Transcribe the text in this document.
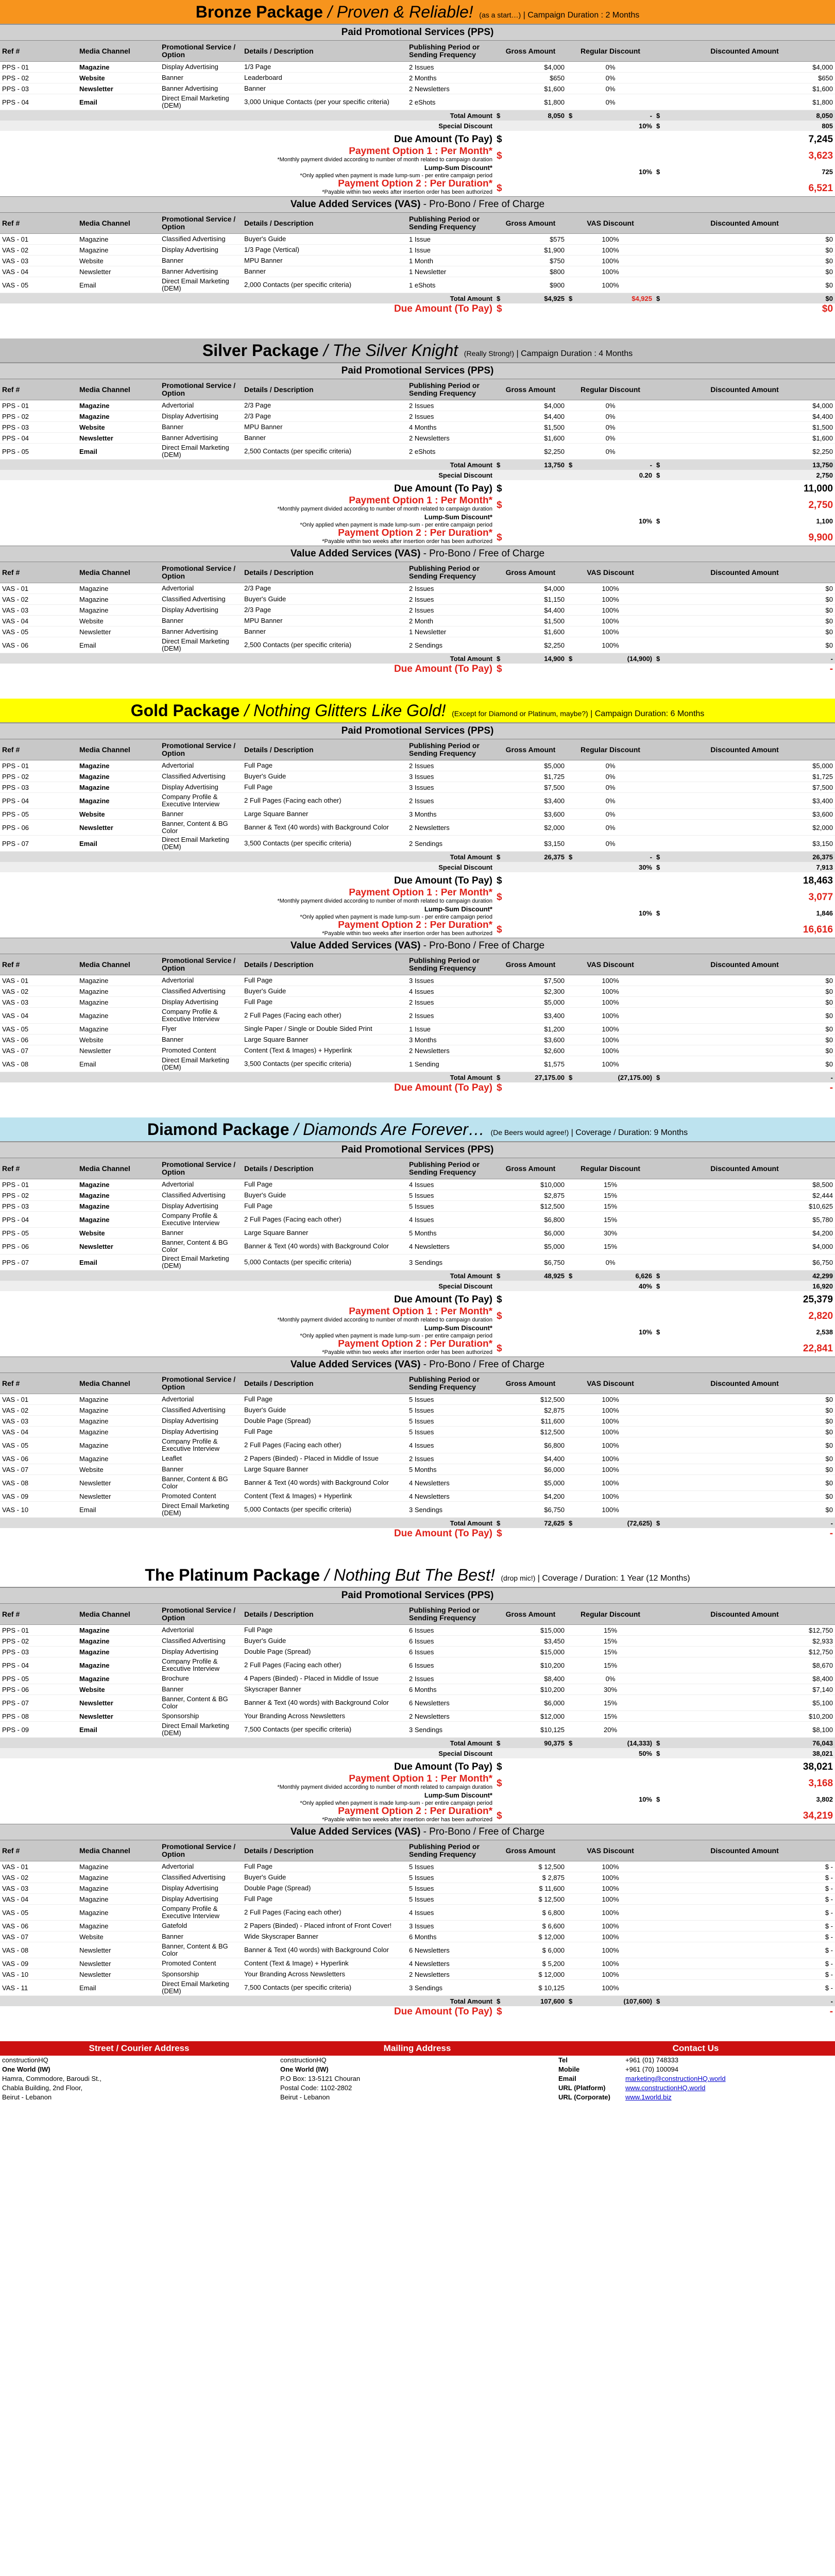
Bronze Package / Proven & Reliable! (as a start…) | Campaign Duration : 2 Months
Paid Promotional Services (PPS)
Ref #	Media Channel	Promotional Service / Option	Details / Description	Publishing Period or Sending Frequency	Gross Amount		Regular Discount		Discounted Amount	
PPS - 01	Magazine	Display Advertising	1/3 Page	2 Issues	$4,000		0%		$4,000	
PPS - 02	Website	Banner	Leaderboard	2 Months	$650		0%		$650	
PPS - 03	Newsletter	Banner Advertising	Banner	2 Newsletters	$1,600		0%		$1,600	
PPS - 04	Email	Direct Email Marketing (DEM)	3,000 Unique Contacts (per your specific criteria)	2 eShots	$1,800		0%		$1,800	
Total Amount					$	8,050	$	-	$	8,050
Special Discount							10%		$	805
Due Amount (To Pay)					$					7,245
Payment Option 1 : Per Month*
*Monthly payment divided according to number of month related to campaign duration					$					3,623
Lump-Sum Discount*
*Only applied when payment is made lump-sum - per entire campaign period							10%		$	725
Payment Option 2 : Per Duration*
*Payable within two weeks after insertion order has been authorized					$					6,521
Value Added Services (VAS) - Pro-Bono / Free of Charge
Ref #	Media Channel	Promotional Service / Option	Details / Description	Publishing Period or Sending Frequency	Gross Amount		VAS Discount		Discounted Amount	
VAS - 01	Magazine	Classified Advertising	Buyer's Guide	1 Issue	$575		100%		$0	
VAS - 02	Magazine	Display Advertising	1/3 Page (Vertical)	1 Issue	$1,900		100%		$0	
VAS - 03	Website	Banner	MPU Banner	1 Month	$750		100%		$0	
VAS - 04	Newsletter	Banner Advertising	Banner	1 Newsletter	$800		100%		$0	
VAS - 05	Email	Direct Email Marketing (DEM)	2,000 Contacts (per specific criteria)	1 eShots	$900		100%		$0	
Total Amount					$	$4,925	$	$4,925	$	$0
Due Amount (To Pay)					$					$0
Silver Package / The Silver Knight (Really Strong!) | Campaign Duration : 4 Months
Paid Promotional Services (PPS)
Ref #	Media Channel	Promotional Service / Option	Details / Description	Publishing Period or Sending Frequency	Gross Amount		Regular Discount		Discounted Amount	
PPS - 01	Magazine	Advertorial	2/3 Page	2 Issues	$4,000		0%		$4,000	
PPS - 02	Magazine	Display Advertising	2/3 Page	2 Issues	$4,400		0%		$4,400	
PPS - 03	Website	Banner	MPU Banner	4 Months	$1,500		0%		$1,500	
PPS - 04	Newsletter	Banner Advertising	Banner	2 Newsletters	$1,600		0%		$1,600	
PPS - 05	Email	Direct Email Marketing (DEM)	2,500 Contacts (per specific criteria)	2 eShots	$2,250		0%		$2,250	
Total Amount					$	13,750	$	-	$	13,750
Special Discount							0.20		$	2,750
Due Amount (To Pay)					$					11,000
Payment Option 1 : Per Month*
*Monthly payment divided according to number of month related to campaign duration					$					2,750
Lump-Sum Discount*
*Only applied when payment is made lump-sum - per entire campaign period							10%		$	1,100
Payment Option 2 : Per Duration*
*Payable within two weeks after insertion order has been authorized					$					9,900
Value Added Services (VAS) - Pro-Bono / Free of Charge
Ref #	Media Channel	Promotional Service / Option	Details / Description	Publishing Period or Sending Frequency	Gross Amount		VAS Discount		Discounted Amount	
VAS - 01	Magazine	Advertorial	2/3 Page	2 Issues	$4,000		100%		$0	
VAS - 02	Magazine	Classified Advertising	Buyer's Guide	2 Issues	$1,150		100%		$0	
VAS - 03	Magazine	Display Advertising	2/3 Page	2 Issues	$4,400		100%		$0	
VAS - 04	Website	Banner	MPU Banner	2 Month	$1,500		100%		$0	
VAS - 05	Newsletter	Banner Advertising	Banner	1 Newsletter	$1,600		100%		$0	
VAS - 06	Email	Direct Email Marketing (DEM)	2,500 Contacts (per specific criteria)	2 Sendings	$2,250		100%		$0	
Total Amount					$	14,900	$	(14,900)	$	-
Due Amount (To Pay)					$					-
Gold Package / Nothing Glitters Like Gold! (Except for Diamond or Platinum, maybe?) | Campaign Duration: 6 Months
Paid Promotional Services (PPS)
Ref #	Media Channel	Promotional Service / Option	Details / Description	Publishing Period or Sending Frequency	Gross Amount		Regular Discount		Discounted Amount	
PPS - 01	Magazine	Advertorial	Full Page	2 Issues	$5,000		0%		$5,000	
PPS - 02	Magazine	Classified Advertising	Buyer's Guide	3 Issues	$1,725		0%		$1,725	
PPS - 03	Magazine	Display Advertising	Full Page	3 Issues	$7,500		0%		$7,500	
PPS - 04	Magazine	Company Profile & Executive Interview	2 Full Pages (Facing each other)	2 Issues	$3,400		0%		$3,400	
PPS - 05	Website	Banner	Large Square Banner	3 Months	$3,600		0%		$3,600	
PPS - 06	Newsletter	Banner, Content & BG Color	Banner & Text (40 words) with Background Color	2 Newsletters	$2,000		0%		$2,000	
PPS - 07	Email	Direct Email Marketing (DEM)	3,500 Contacts (per specific criteria)	2 Sendings	$3,150		0%		$3,150	
Total Amount					$	26,375	$	-	$	26,375
Special Discount							30%		$	7,913
Due Amount (To Pay)					$					18,463
Payment Option 1 : Per Month*
*Monthly payment divided according to number of month related to campaign duration					$					3,077
Lump-Sum Discount*
*Only applied when payment is made lump-sum - per entire campaign period							10%		$	1,846
Payment Option 2 : Per Duration*
*Payable within two weeks after insertion order has been authorized					$					16,616
Value Added Services (VAS) - Pro-Bono / Free of Charge
Ref #	Media Channel	Promotional Service / Option	Details / Description	Publishing Period or Sending Frequency	Gross Amount		VAS Discount		Discounted Amount	
VAS - 01	Magazine	Advertorial	Full Page	3 Issues	$7,500		100%		$0	
VAS - 02	Magazine	Classified Advertising	Buyer's Guide	4 Issues	$2,300		100%		$0	
VAS - 03	Magazine	Display Advertising	Full Page	2 Issues	$5,000		100%		$0	
VAS - 04	Magazine	Company Profile & Executive Interview	2 Full Pages (Facing each other)	2 Issues	$3,400		100%		$0	
VAS - 05	Magazine	Flyer	Single Paper / Single or Double Sided Print	1 Issue	$1,200		100%		$0	
VAS - 06	Website	Banner	Large Square Banner	3 Months	$3,600		100%		$0	
VAS - 07	Newsletter	Promoted Content	Content (Text & Images) + Hyperlink	2 Newsletters	$2,600		100%		$0	
VAS - 08	Email	Direct Email Marketing (DEM)	3,500 Contacts (per specific criteria)	1 Sending	$1,575		100%		$0	
Total Amount					$	27,175.00	$	(27,175.00)	$	-
Due Amount (To Pay)					$					-
Diamond Package / Diamonds Are Forever… (De Beers would agree!) | Coverage / Duration: 9 Months
Paid Promotional Services (PPS)
Ref #	Media Channel	Promotional Service / Option	Details / Description	Publishing Period or Sending Frequency	Gross Amount		Regular Discount		Discounted Amount	
PPS - 01	Magazine	Advertorial	Full Page	4 Issues	$10,000		15%		$8,500	
PPS - 02	Magazine	Classified Advertising	Buyer's Guide	5 Issues	$2,875		15%		$2,444	
PPS - 03	Magazine	Display Advertising	Full Page	5 Issues	$12,500		15%		$10,625	
PPS - 04	Magazine	Company Profile & Executive Interview	2 Full Pages (Facing each other)	4 Issues	$6,800		15%		$5,780	
PPS - 05	Website	Banner	Large Square Banner	5 Months	$6,000		30%		$4,200	
PPS - 06	Newsletter	Banner, Content & BG Color	Banner & Text (40 words) with Background Color	4 Newsletters	$5,000		15%		$4,000	
PPS - 07	Email	Direct Email Marketing (DEM)	5,000 Contacts (per specific criteria)	3 Sendings	$6,750		0%		$6,750	
Total Amount					$	48,925	$	6,626	$	42,299
Special Discount							40%		$	16,920
Due Amount (To Pay)					$					25,379
Payment Option 1 : Per Month*
*Monthly payment divided according to number of month related to campaign duration					$					2,820
Lump-Sum Discount*
*Only applied when payment is made lump-sum - per entire campaign period							10%		$	2,538
Payment Option 2 : Per Duration*
*Payable within two weeks after insertion order has been authorized					$					22,841
Value Added Services (VAS) - Pro-Bono / Free of Charge
Ref #	Media Channel	Promotional Service / Option	Details / Description	Publishing Period or Sending Frequency	Gross Amount		VAS Discount		Discounted Amount	
VAS - 01	Magazine	Advertorial	Full Page	5 Issues	$12,500		100%		$0	
VAS - 02	Magazine	Classified Advertising	Buyer's Guide	5 Issues	$2,875		100%		$0	
VAS - 03	Magazine	Display Advertising	Double Page (Spread)	5 Issues	$11,600		100%		$0	
VAS - 04	Magazine	Display Advertising	Full Page	5 Issues	$12,500		100%		$0	
VAS - 05	Magazine	Company Profile & Executive Interview	2 Full Pages (Facing each other)	4 Issues	$6,800		100%		$0	
VAS - 06	Magazine	Leaflet	2 Papers (Binded) - Placed in Middle of Issue	2 Issues	$4,400		100%		$0	
VAS - 07	Website	Banner	Large Square Banner	5 Months	$6,000		100%		$0	
VAS - 08	Newsletter	Banner, Content & BG Color	Banner & Text (40 words) with Background Color	4 Newsletters	$5,000		100%		$0	
VAS - 09	Newsletter	Promoted Content	Content (Text & Images) + Hyperlink	4 Newsletters	$4,200		100%		$0	
VAS - 10	Email	Direct Email Marketing (DEM)	5,000 Contacts (per specific criteria)	3 Sendings	$6,750		100%		$0	
Total Amount					$	72,625	$	(72,625)	$	-
Due Amount (To Pay)					$					-
The Platinum Package / Nothing But The Best! (drop mic!) | Coverage / Duration: 1 Year (12 Months)
Paid Promotional Services (PPS)
Ref #	Media Channel	Promotional Service / Option	Details / Description	Publishing Period or Sending Frequency	Gross Amount		Regular Discount		Discounted Amount	
PPS - 01	Magazine	Advertorial	Full Page	6 Issues	$15,000		15%		$12,750	
PPS - 02	Magazine	Classified Advertising	Buyer's Guide	6 Issues	$3,450		15%		$2,933	
PPS - 03	Magazine	Display Advertising	Double Page (Spread)	6 Issues	$15,000		15%		$12,750	
PPS - 04	Magazine	Company Profile & Executive Interview	2 Full Pages (Facing each other)	6 Issues	$10,200		15%		$8,670	
PPS - 05	Magazine	Brochure	4 Papers (Binded) - Placed in Middle of Issue	2 Issues	$8,400		0%		$8,400	
PPS - 06	Website	Banner	Skyscraper Banner	6 Months	$10,200		30%		$7,140	
PPS - 07	Newsletter	Banner, Content & BG Color	Banner & Text (40 words) with Background Color	6 Newsletters	$6,000		15%		$5,100	
PPS - 08	Newsletter	Sponsorship	Your Branding Across Newsletters	2 Newsletters	$12,000		15%		$10,200	
PPS - 09	Email	Direct Email Marketing (DEM)	7,500 Contacts (per specific criteria)	3 Sendings	$10,125		20%		$8,100	
Total Amount					$	90,375	$	(14,333)	$	76,043
Special Discount							50%		$	38,021
Due Amount (To Pay)					$					38,021
Payment Option 1 : Per Month*
*Monthly payment divided according to number of month related to campaign duration					$					3,168
Lump-Sum Discount*
*Only applied when payment is made lump-sum - per entire campaign period							10%		$	3,802
Payment Option 2 : Per Duration*
*Payable within two weeks after insertion order has been authorized					$					34,219
Value Added Services (VAS) - Pro-Bono / Free of Charge
Ref #	Media Channel	Promotional Service / Option	Details / Description	Publishing Period or Sending Frequency	Gross Amount		VAS Discount		Discounted Amount	
VAS - 01	Magazine	Advertorial	Full Page	5 Issues	$ 12,500		100%		$ -	
VAS - 02	Magazine	Classified Advertising	Buyer's Guide	5 Issues	$ 2,875		100%		$ -	
VAS - 03	Magazine	Display Advertising	Double Page (Spread)	5 Issues	$ 11,600		100%		$ -	
VAS - 04	Magazine	Display Advertising	Full Page	5 Issues	$ 12,500		100%		$ -	
VAS - 05	Magazine	Company Profile & Executive Interview	2 Full Pages (Facing each other)	4 Issues	$ 6,800		100%		$ -	
VAS - 06	Magazine	Gatefold	2 Papers (Binded) - Placed infront of Front Cover!	3 Issues	$ 6,600		100%		$ -	
VAS - 07	Website	Banner	Wide Skyscraper Banner	6 Months	$ 12,000		100%		$ -	
VAS - 08	Newsletter	Banner, Content & BG Color	Banner & Text (40 words) with Background Color	6 Newsletters	$ 6,000		100%		$ -	
VAS - 09	Newsletter	Promoted Content	Content (Text & Image) + Hyperlink	4 Newsletters	$ 5,200		100%		$ -	
VAS - 10	Newsletter	Sponsorship	Your Branding Across Newsletters	2 Newsletters	$ 12,000		100%		$ -	
VAS - 11	Email	Direct Email Marketing (DEM)	7,500 Contacts (per specific criteria)	3 Sendings	$ 10,125		100%		$ -	
Total Amount					$	107,600	$	(107,600)	$	-
Due Amount (To Pay)					$					-
Street / Courier Address
constructionHQ
One World (IW)
Hamra, Commodore, Baroudi St.,
Chabla Building, 2nd Floor,
Beirut - Lebanon
Mailing Address
constructionHQ
One World (IW)
P.O Box: 13-5121 Chouran
Postal Code: 1102-2802
Beirut - Lebanon
Contact Us
Tel	+961 (01) 748333
Mobile	+961 (70) 100094
Email	marketing@constructionHQ.world
URL (Platform)	www.constructionHQ.world
URL (Corporate)	www.1world.biz
